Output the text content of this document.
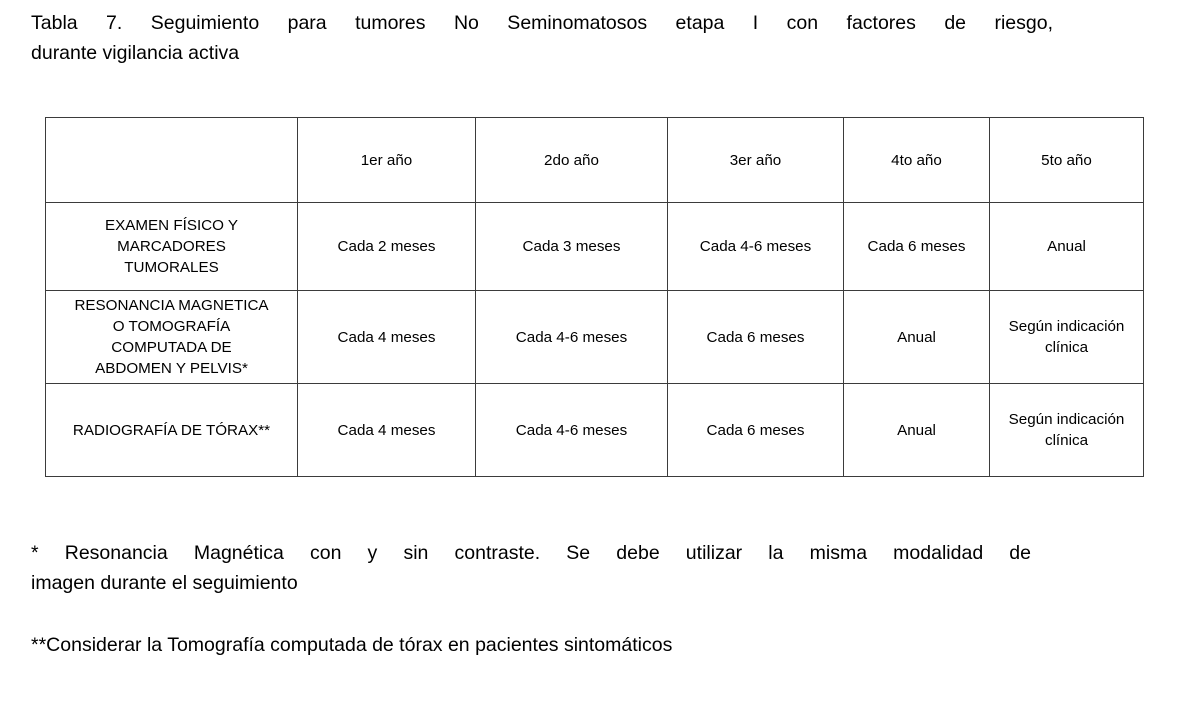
Tabla 7. Seguimiento para tumores No Seminomatosos etapa I con factores de riesgo,
durante vigilancia activa
	1er año	2do año	3er año	4to año	5to año

EXAMEN FÍSICO Y
MARCADORES
TUMORALES	Cada 2 meses	Cada 3 meses	Cada 4-6 meses	Cada 6 meses	Anual

RESONANCIA MAGNETICA
O TOMOGRAFÍA
COMPUTADA DE
ABDOMEN Y PELVIS*	Cada 4 meses	Cada 4-6 meses	Cada 6 meses	Anual	Según indicación clínica

RADIOGRAFÍA DE TÓRAX**	Cada 4 meses	Cada 4-6 meses	Cada 6 meses	Anual	Según indicación clínica
* Resonancia Magnética con y sin contraste. Se debe utilizar la misma modalidad de
imagen durante el seguimiento
**Considerar la Tomografía computada de tórax en pacientes sintomáticos
